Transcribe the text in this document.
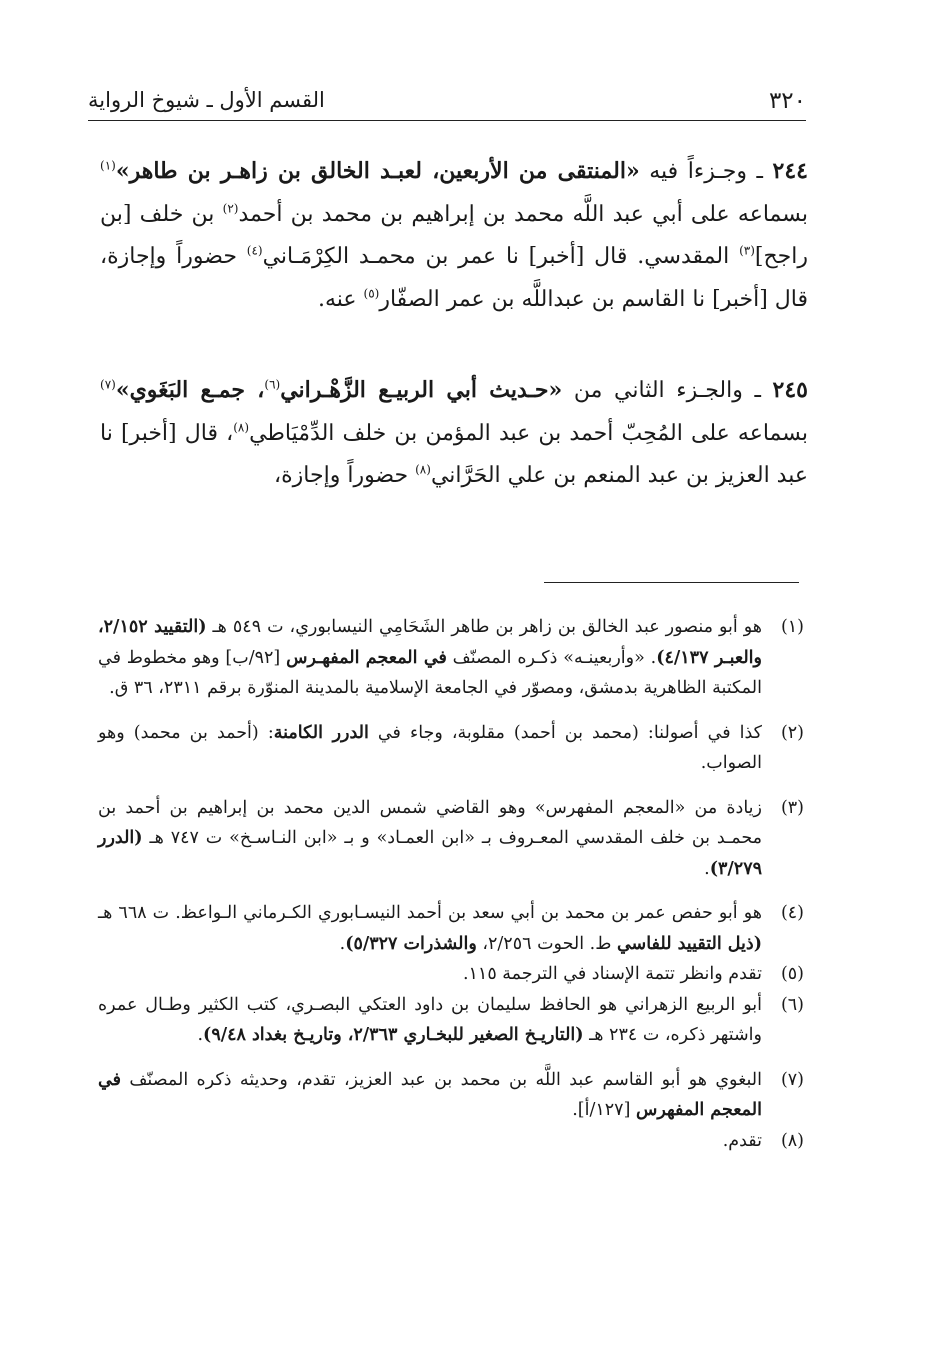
٣٢٠
القسم الأول ـ شيوخ الرواية

٢٤٤ ـ وجـزءاً فيه «المنتقى من الأربعين، لعبـد الخالق بن زاهـر بن طاهر»$^{(١)}$ بسماعه على أبي عبد اللَّه محمد بن إبراهيم بن محمد بن أحمد$^{(٢)}$ بن خلف [بن راجح]$^{(٣)}$ المقدسي. قال [أخبر] نا عمر بن محمـد الكِرْمَـاني$^{(٤)}$ حضوراً وإجازة، قال [أخبر] نا القاسم بن عبداللَّه بن عمر الصفّار$^{(٥)}$ عنه.

٢٤٥ ـ والجـزء الثاني من «حـديث أبي الربيـع الزَّهْـراني$^{(٦)}$، جمـع البَغَوي»$^{(٧)}$ بسماعه على المُحِبّ أحمد بن عبد المؤمن بن خلف الدِّمْيَاطي$^{(٨)}$، قال [أخبر] نا عبد العزيز بن عبد المنعم بن علي الحَرَّاني$^{(٨)}$ حضوراً وإجازة،

(١)
هو أبو منصور عبد الخالق بن زاهر بن طاهر الشَحَامِي النيسابوري، ت ٥٤٩ هـ (التقييد ٢/١٥٢، والعبـر ٤/١٣٧). «وأربعينـه» ذكـره المصنّف في المعجم المفهـرس [٩٢/ب] وهو مخطوط في المكتبة الظاهرية بدمشق، ومصوّر في الجامعة الإسلامية بالمدينة المنوّرة برقم ٢٣١١، ٣٦ ق.

(٢)
كذا في أصولنا: (محمد بن أحمد) مقلوبة، وجاء في الدرر الكامنة: (أحمد بن محمد) وهو الصواب.

(٣)
زيادة من «المعجم المفهرس» وهو القاضي شمس الدين محمد بن إبراهيم بن أحمد بن محمـد بن خلف المقدسي المعـروف بـ «ابن العمـاد» و بـ «ابن النـاسـخ» ت ٧٤٧ هـ (الدرر ٣/٢٧٩).

(٤)
هو أبو حفص عمر بن محمد بن أبي سعد بن أحمد النيسـابوري الكـرماني الـواعظ. ت ٦٦٨ هـ (ذيل التقييد للفاسي ط. الحوت ٢/٢٥٦، والشذرات ٥/٣٢٧).

(٥)
تقدم وانظر تتمة الإسناد في الترجمة ١١٥.

(٦)
أبو الربيع الزهراني هو الحافظ سليمان بن داود العتكي البصـري، كتب الكثير وطـال عمره واشتهر ذكره، ت ٢٣٤ هـ (التاريـخ الصغير للبخـاري ٢/٣٦٣، وتاريـخ بغداد ٩/٤٨).

(٧)
البغوي هو أبو القاسم عبد اللَّه بن محمد بن عبد العزيز، تقدم، وحديثه ذكره المصنّف في المعجم المفهرس [١٢٧/أ].

(٨)
تقدم.
